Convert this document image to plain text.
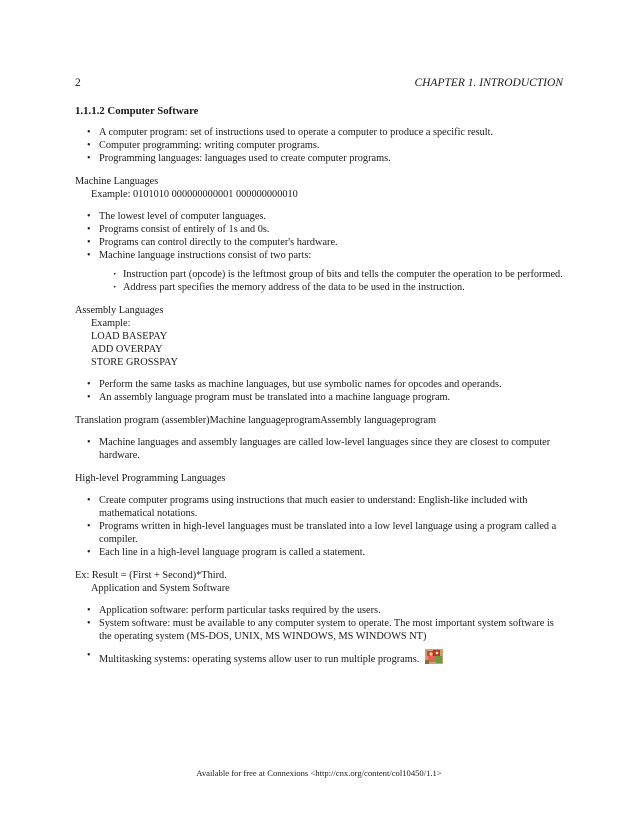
2	CHAPTER 1. INTRODUCTION
1.1.1.2 Computer Software
• A computer program: set of instructions used to operate a computer to produce a specific result.
• Computer programming: writing computer programs.
• Programming languages: languages used to create computer programs.

Machine Languages

Example: 0101010 000000000001 000000000010

• The lowest level of computer languages.
• Programs consist of entirely of 1s and 0s.
• Programs can control directly to the computer's hardware.
• Machine language instructions consist of two parts:
· Instruction part (opcode) is the leftmost group of bits and tells the computer the operation to be performed.
· Address part specifies the memory address of the data to be used in the instruction.

Assembly Languages

Example:

LOAD BASEPAY

ADD OVERPAY

STORE GROSSPAY

• Perform the same tasks as machine languages, but use symbolic names for opcodes and operands.
• An assembly language program must be translated into a machine language program.

Translation program (assembler)Machine languageprogramAssembly languageprogram

• Machine languages and assembly languages are called low-level languages since they are closest to computer hardware.

High-level Programming Languages

• Create computer programs using instructions that much easier to understand: English-like included with mathematical notations.
• Programs written in high-level languages must be translated into a low level language using a program called a compiler.
• Each line in a high-level language program is called a statement.

Ex: Result = (First + Second)*Third.

Application and System Software

• Application software: perform particular tasks required by the users.
• System software: must be available to any computer system to operate. The most important system software is the operating system (MS-DOS, UNIX, MS WINDOWS, MS WINDOWS NT)
• Multitasking systems: operating systems allow user to run multiple programs.
Available for free at Connexions <http://cnx.org/content/col10450/1.1>
